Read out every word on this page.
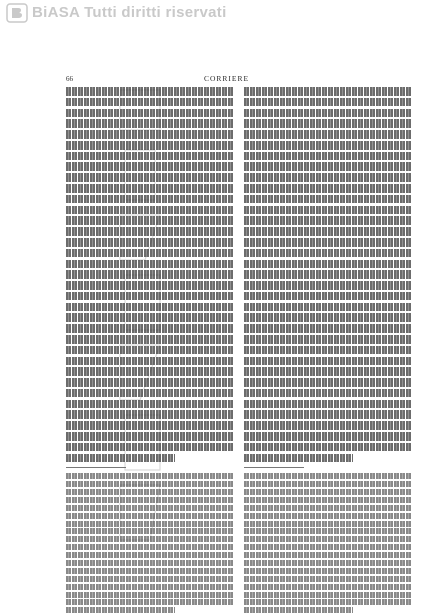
BiASA Tutti diritti riservati
66	CORRIERE
